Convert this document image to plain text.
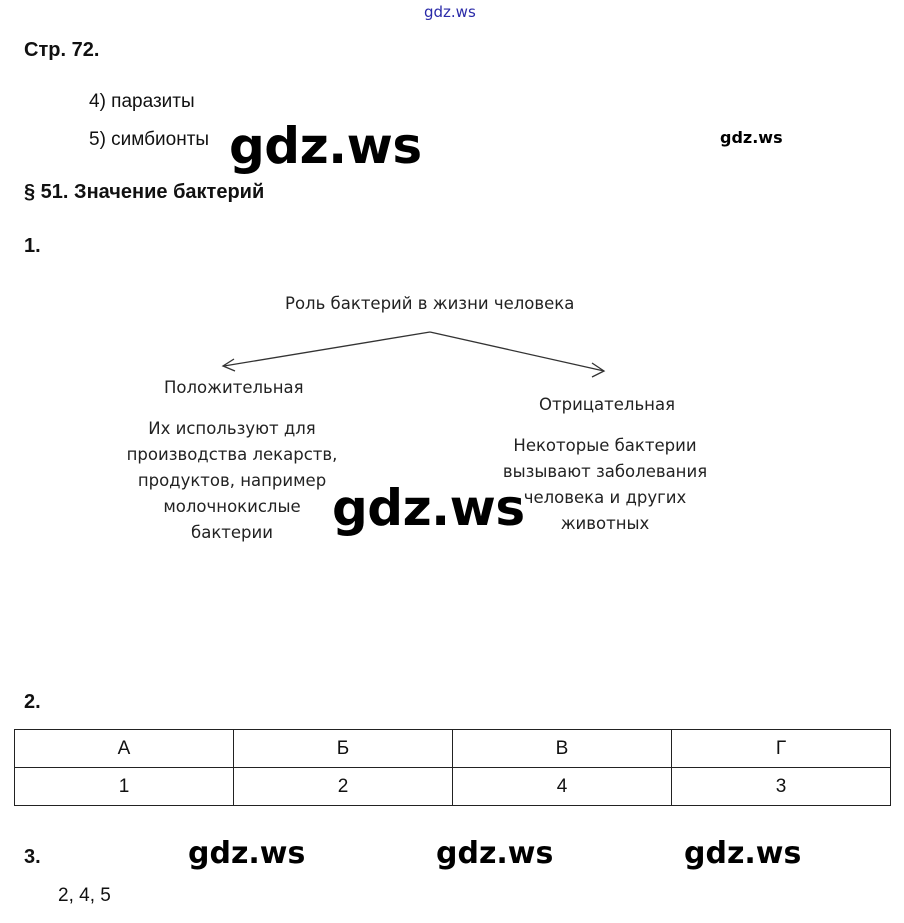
gdz.ws
Стр. 72.
4) паразиты
5) симбионты gdz.ws	gdz.ws
§ 51. Значение бактерий
1.
Роль бактерий в жизни человека
Положительная
Их используют для производства лекарств, продуктов, например молочнокислые бактерии
Отрицательная
Некоторые бактерии вызывают заболевания человека и других животных
gdz.ws
2.
А	Б	В	Г
1	2	4	3
3.	gdz.ws	gdz.ws	gdz.ws
2, 4, 5
